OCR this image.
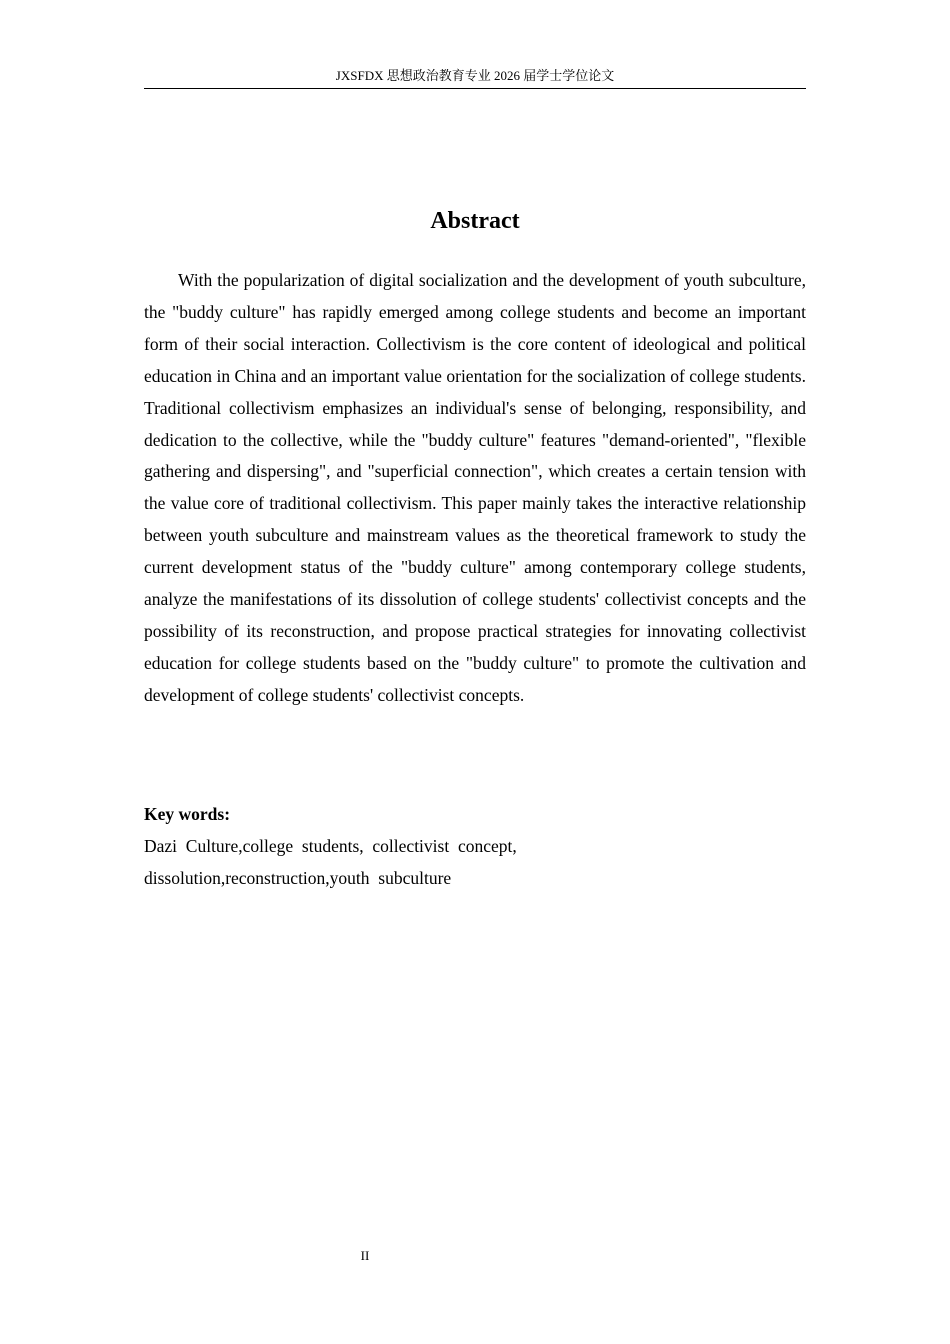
JXSFDX 思想政治教育专业 2026 届学士学位论文
Abstract

With the popularization of digital socialization and the development of youth subculture, the "buddy culture" has rapidly emerged among college students and become an important form of their social interaction. Collectivism is the core content of ideological and political education in China and an important value orientation for the socialization of college students. Traditional collectivism emphasizes an individual's sense of belonging, responsibility, and dedication to the collective, while the "buddy culture" features "demand-oriented", "flexible gathering and dispersing", and "superficial connection", which creates a certain tension with the value core of traditional collectivism. This paper mainly takes the interactive relationship between youth subculture and mainstream values as the theoretical framework to study the current development status of the "buddy culture" among contemporary college students, analyze the manifestations of its dissolution of college students' collectivist concepts and the possibility of its reconstruction, and propose practical strategies for innovating collectivist education for college students based on the "buddy culture" to promote the cultivation and development of college students' collectivist concepts.

Key words:
Dazi  Culture,college  students,  collectivist  concept,
dissolution,reconstruction,youth  subculture
II
